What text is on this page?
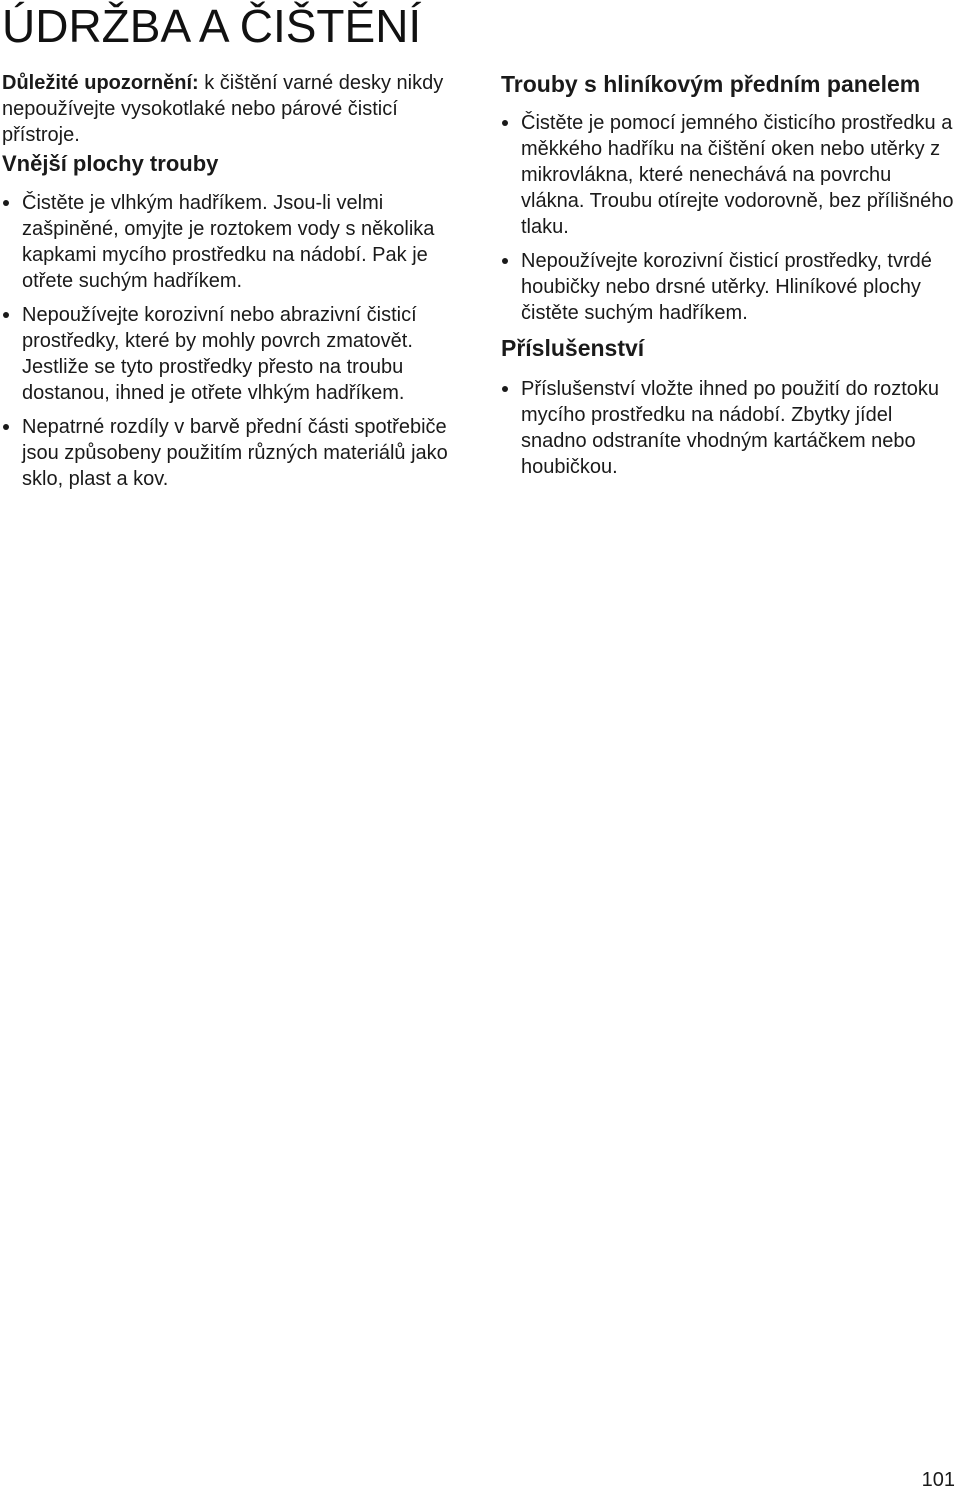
ÚDRŽBA A ČIŠTĚNÍ

Důležité upozornění: k čištění varné desky nikdy nepoužívejte vysokotlaké nebo párové čisticí přístroje.

Vnější plochy trouby
Čistěte je vlhkým hadříkem. Jsou-li velmi zašpiněné, omyjte je roztokem vody s několika kapkami mycího prostředku na nádobí. Pak je otřete suchým hadříkem.
Nepoužívejte korozivní nebo abrazivní čisticí prostředky, které by mohly povrch zmatovět. Jestliže se tyto prostředky přesto na troubu dostanou, ihned je otřete vlhkým hadříkem.
Nepatrné rozdíly v barvě přední části spotřebiče jsou způsobeny použitím různých materiálů jako sklo, plast a kov.
Trouby s hliníkovým předním panelem
Čistěte je pomocí jemného čisticího prostředku a měkkého hadříku na čištění oken nebo utěrky z mikrovlákna, které nenechává na povrchu vlákna. Troubu otírejte vodorovně, bez přílišného tlaku.
Nepoužívejte korozivní čisticí prostředky, tvrdé houbičky nebo drsné utěrky. Hliníkové plochy čistěte suchým hadříkem.
Příslušenství
Příslušenství vložte ihned po použití do roztoku mycího prostředku na nádobí. Zbytky jídel snadno odstraníte vhodným kartáčkem nebo houbičkou.
101
